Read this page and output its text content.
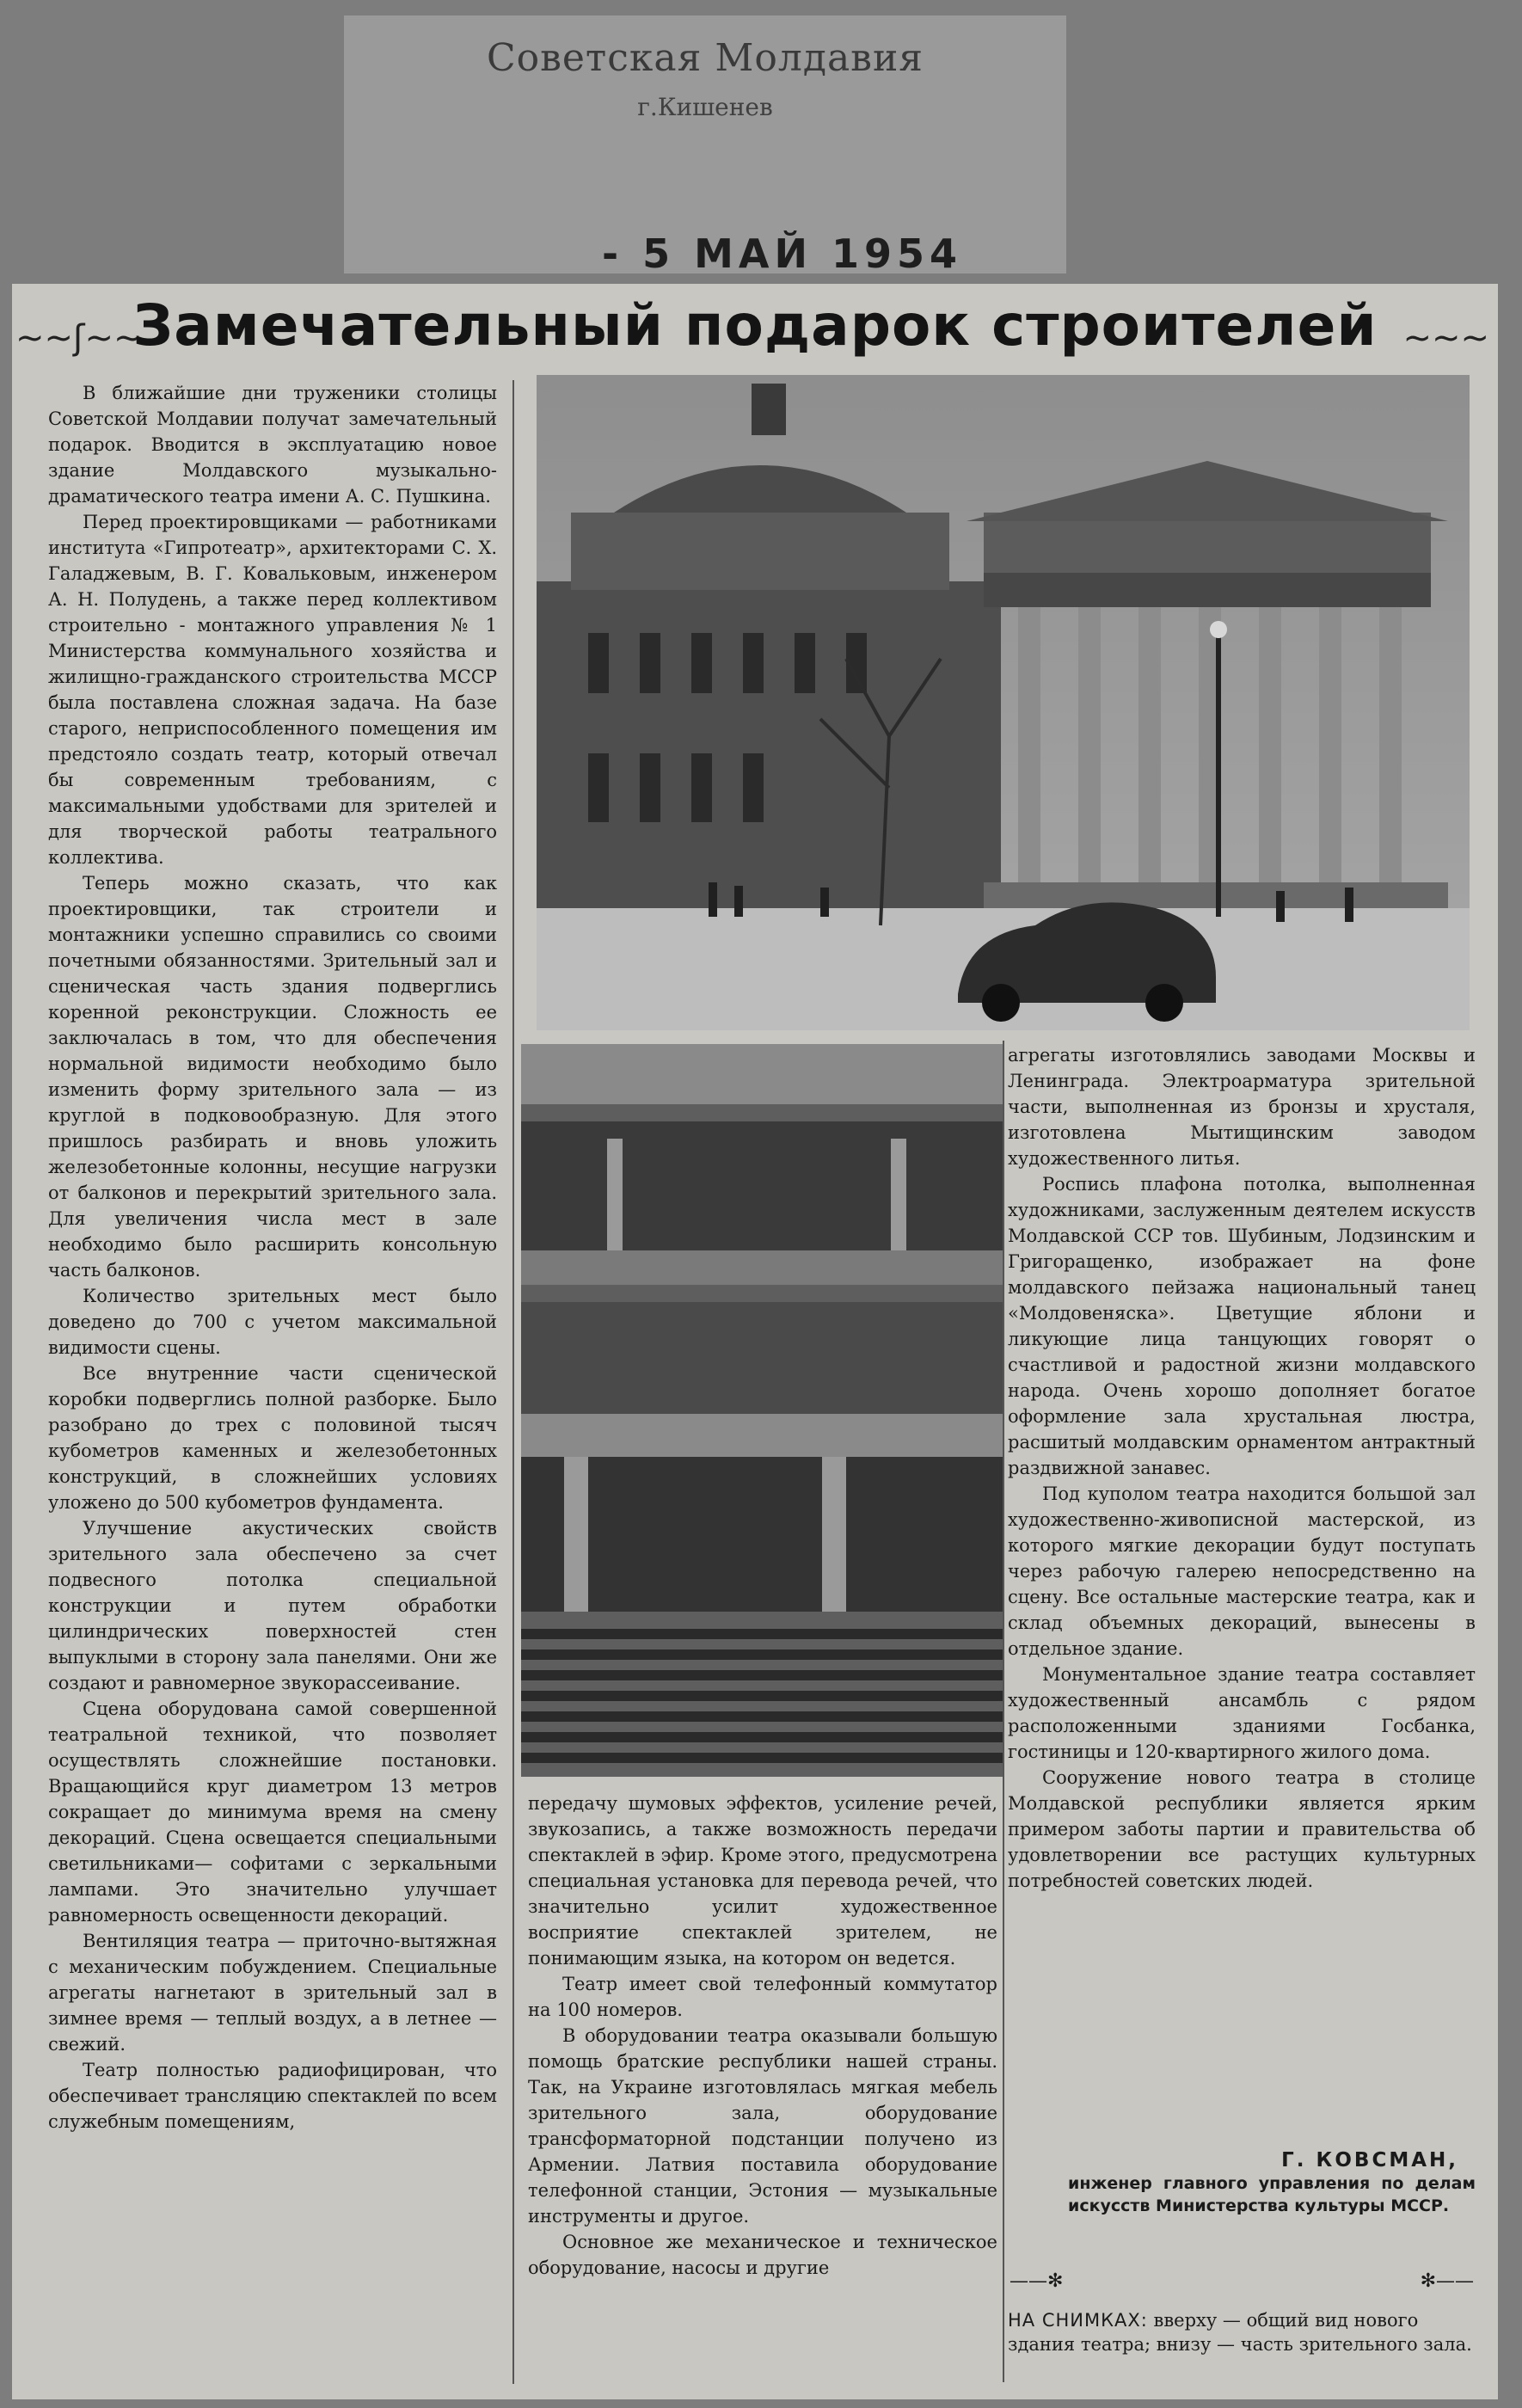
Советская Молдавия
г.Кишенев
- 5 МАЙ 1954
~~ʃ~~
Замечательный подарок строителей ~~~

В ближайшие дни труженики столицы Советской Молдавии получат замечательный подарок. Вводится в эксплуатацию новое здание Молдавского музыкально-драматического театра имени А. С. Пушкина.

Перед проектировщиками — работниками института «Гипротеатр», архитекторами С. Х. Галаджевым, В. Г. Ковальковым, инженером А. Н. Полудень, а также перед коллективом строительно - монтажного управления № 1 Министерства коммунального хозяйства и жилищно-гражданского строительства МССР была поставлена сложная задача. На базе старого, неприспособленного помещения им предстояло создать театр, который отвечал бы современным требованиям, с максимальными удобствами для зрителей и для творческой работы театрального коллектива.

Теперь можно сказать, что как проектировщики, так строители и монтажники успешно справились со своими почетными обязанностями. Зрительный зал и сценическая часть здания подверглись коренной реконструкции. Сложность ее заключалась в том, что для обеспечения нормальной видимости необходимо было изменить форму зрительного зала — из круглой в подковообразную. Для этого пришлось разбирать и вновь уложить железобетонные колонны, несущие нагрузки от балконов и перекрытий зрительного зала. Для увеличения числа мест в зале необходимо было расширить консольную часть балконов.

Количество зрительных мест было доведено до 700 с учетом максимальной видимости сцены.

Все внутренние части сценической коробки подверглись полной разборке. Было разобрано до трех с половиной тысяч кубометров каменных и железобетонных конструкций, в сложнейших условиях уложено до 500 кубометров фундамента.

Улучшение акустических свойств зрительного зала обеспечено за счет подвесного потолка специальной конструкции и путем обработки цилиндрических поверхностей стен выпуклыми в сторону зала панелями. Они же создают и равномерное звукорассеивание.

Сцена оборудована самой совершенной театральной техникой, что позволяет осуществлять сложнейшие постановки. Вращающийся круг диаметром 13 метров сокращает до минимума время на смену декораций. Сцена освещается специальными светильниками— софитами с зеркальными лампами. Это значительно улучшает равномерность освещенности декораций.

Вентиляция театра — приточно-вытяжная с механическим побуждением. Специальные агрегаты нагнетают в зрительный зал в зимнее время — теплый воздух, а в летнее — свежий.

Театр полностью радиофицирован, что обеспечивает трансляцию спектаклей по всем служебным помещениям,

передачу шумовых эффектов, усиление речей, звукозапись, а также возможность передачи спектаклей в эфир. Кроме этого, предусмотрена специальная установка для перевода речей, что значительно усилит художественное восприятие спектаклей зрителем, не понимающим языка, на котором он ведется.

Театр имеет свой телефонный коммутатор на 100 номеров.

В оборудовании театра оказывали большую помощь братские республики нашей страны. Так, на Украине изготовлялась мягкая мебель зрительного зала, оборудование трансформаторной подстанции получено из Армении. Латвия поставила оборудование телефонной станции, Эстония — музыкальные инструменты и другое.

Основное же механическое и техническое оборудование, насосы и другие

агрегаты изготовлялись заводами Москвы и Ленинграда. Электроарматура зрительной части, выполненная из бронзы и хрусталя, изготовлена Мытищинским заводом художественного литья.

Роспись плафона потолка, выполненная художниками, заслуженным деятелем искусств Молдавской ССР тов. Шубиным, Лодзинским и Григоращенко, изображает на фоне молдавского пейзажа национальный танец «Молдовеняска». Цветущие яблони и ликующие лица танцующих говорят о счастливой и радостной жизни молдавского народа. Очень хорошо дополняет богатое оформление зала хрустальная люстра, расшитый молдавским орнаментом антрактный раздвижной занавес.

Под куполом театра находится большой зал художественно-живописной мастерской, из которого мягкие декорации будут поступать через рабочую галерею непосредственно на сцену. Все остальные мастерские театра, как и склад объемных декораций, вынесены в отдельное здание.

Монументальное здание театра составляет художественный ансамбль с рядом расположенными зданиями Госбанка, гостиницы и 120-квартирного жилого дома.

Сооружение нового театра в столице Молдавской республики является ярким примером заботы партии и правительства об удовлетворении все растущих культурных потребностей советских людей.

Г. КОВСМАН,
инженер главного управления по делам искусств Министерства культуры МССР.
——✻	✻——
НА СНИМКАХ: вверху — общий вид нового здания театра; внизу — часть зрительного зала.
